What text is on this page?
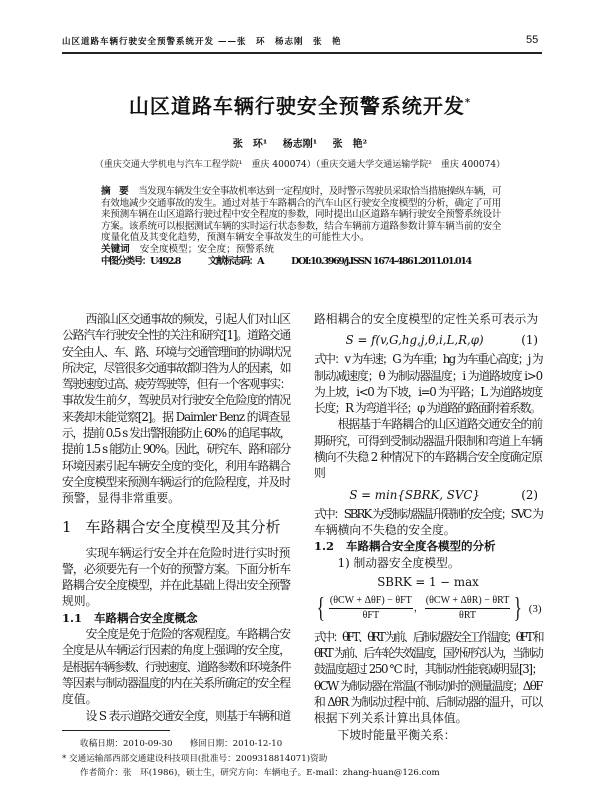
山区道路车辆行驶安全预警系统开发 ——张　环　杨志刚　张　艳	55
山区道路车辆行驶安全预警系统开发*
张　环¹ 杨志刚¹ 张　艳²
（重庆交通大学机电与汽车工程学院¹　重庆 400074）（重庆交通大学交通运输学院²　重庆 400074）
摘　要 当发现车辆发生安全事故机率达到一定程度时，及时警示驾驶员采取恰当措施操纵车辆，可
有效地减少交通事故的发生。通过对基于车路耦合的汽车山区行驶安全度模型的分析，确定了可用
来预测车辆在山区道路行驶过程中安全程度的参数，同时提出山区道路车辆行驶安全预警系统设计
方案。该系统可以根据测试车辆的实时运行状态参数，结合车辆前方道路参数计算车辆当前的安全
度量化值及其变化趋势，预测车辆安全事故发生的可能性大小。
关键词 安全度模型；安全度；预警系统
中图分类号：U492.8	文献标志码：A	DOI:10.3969/j.ISSN 1674-4861.2011.01.014
西部山区交通事故的频发，引起人们对山区
公路汽车行驶安全性的关注和研究[1]。道路交通
安全由人、车、路、环境与交通管理间的协调状况
所决定，尽管很多交通事故都归咎为人的因素，如
驾驶速度过高、疲劳驾驶等，但有一个客观事实：
事故发生前夕，驾驶员对行驶安全危险度的情况
来袭却未能觉察[2]。据 Daimler Benz 的调查显
示，提前 0.5 s 发出警报能防止 60% 的追尾事故，
提前 1.5 s 能防止 90%。因此，研究车、路和部分
环境因素引起车辆安全度的变化，利用车路耦合
安全度模型来预测车辆运行的危险程度，并及时
预警，显得非常重要。
1 车路耦合安全度模型及其分析
实现车辆运行安全并在危险时进行实时预
警，必须要先有一个好的预警方案。下面分析车
路耦合安全度模型，并在此基础上得出安全预警
规则。
1.1 车路耦合安全度概念
安全度是免于危险的客观程度。车路耦合安
全度是从车辆运行因素的角度上强调的安全度，
是根据车辆参数、行驶速度、道路参数和环境条件
等因素与制动器温度的内在关系所确定的安全程
度值。
设 S 表示道路交通安全度，则基于车辆和道
路相耦合的安全度模型的定性关系可表示为
S = f(v,G,hg,j,θ,i,L,R,φ)	(1)
式中：v 为车速；G 为车重；hg 为车重心高度；j 为
制动减速度；θ 为制动器温度；i 为道路坡度 i>0
为上坡，i<0 为下坡，i=0 为平路；L 为道路坡度
长度；R 为弯道半径；φ 为道路的路面附着系数。
根据基于车路耦合的山区道路交通安全的前
期研究，可得到受制动器温升限制和弯道上车辆
横向不失稳 2 种情况下的车路耦合安全度确定原
则
S = min{SBRK, SVC}	(2)
式中：SBRK 为受制动器温升限制的安全度；SVC 为
车辆横向不失稳的安全度。
1.2 车路耦合安全度各模型的分析
1) 制动器安全度模型。
SBRK = 1 − max
{ $\frac{\text{(θCW + ΔθF) − θFT}}{\text{θFT}}$ ， $\frac{\text{(θCW + ΔθR) − θRT}}{\text{θRT}}$ } (3)
式中：θFT、θRT 为前、后制动器安全工作温度；θFT 和
θRT 为前、后车轮失效温度，国外研究认为，当制动
鼓温度超过 250 ℃ 时，其制动性能衰减明显[3]；
θCW 为制动器在常温(不制动)时的测量温度；ΔθF
和 ΔθR 为制动过程中前、后制动器的温升，可以
根据下列关系计算出具体值。
下坡时能量平衡关系：
收稿日期：2010-09-30　　修回日期：2010-12-10
* 交通运输部西部交通建设科技项目(批准号：2009318814071)资助
作者简介：张　环(1986)，硕士生，研究方向：车辆电子。E-mail：zhang-huan@126.com
